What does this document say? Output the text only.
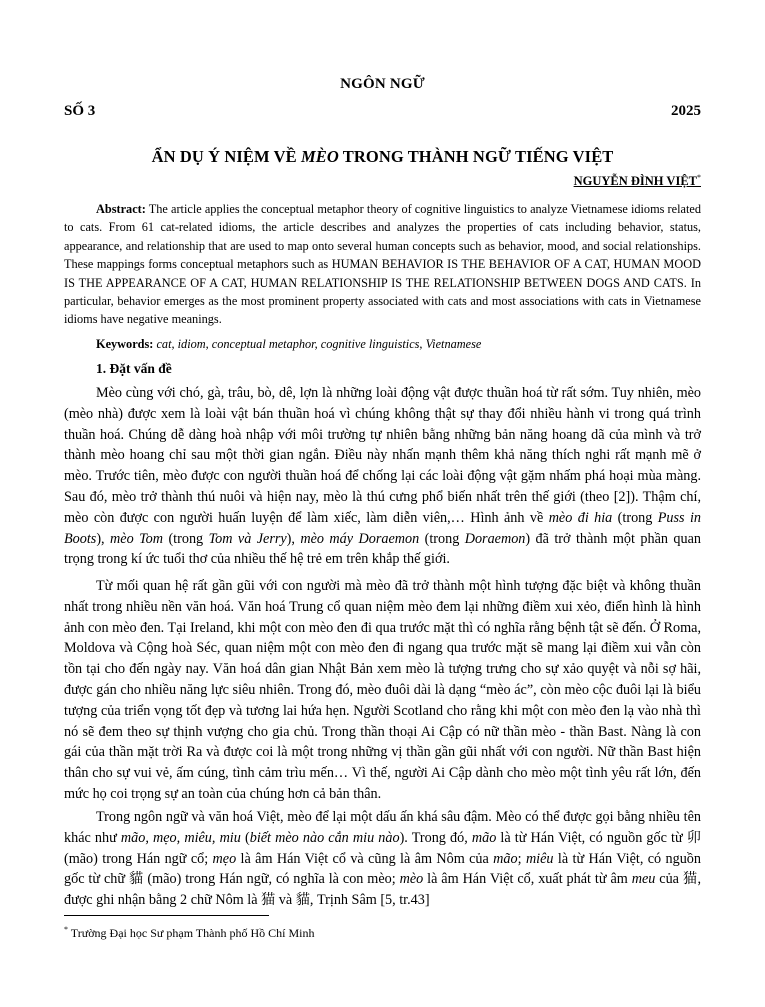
NGÔN NGỮ
SỐ 3	2025
ẨN DỤ Ý NIỆM VỀ MÈO TRONG THÀNH NGỮ TIẾNG VIỆT
NGUYỄN ĐÌNH VIỆT*
Abstract: The article applies the conceptual metaphor theory of cognitive linguistics to analyze Vietnamese idioms related to cats. From 61 cat-related idioms, the article describes and analyzes the properties of cats including behavior, status, appearance, and relationship that are used to map onto several human concepts such as behavior, mood, and social relationships. These mappings forms conceptual metaphors such as HUMAN BEHAVIOR IS THE BEHAVIOR OF A CAT, HUMAN MOOD IS THE APPEARANCE OF A CAT, HUMAN RELATIONSHIP IS THE RELATIONSHIP BETWEEN DOGS AND CATS. In particular, behavior emerges as the most prominent property associated with cats and most associations with cats in Vietnamese idioms have negative meanings.
Keywords: cat, idiom, conceptual metaphor, cognitive linguistics, Vietnamese
1. Đặt vấn đề
Mèo cùng với chó, gà, trâu, bò, dê, lợn là những loài động vật được thuần hoá từ rất sớm. Tuy nhiên, mèo (mèo nhà) được xem là loài vật bán thuần hoá vì chúng không thật sự thay đổi nhiều hành vi trong quá trình thuần hoá. Chúng dễ dàng hoà nhập với môi trường tự nhiên bằng những bản năng hoang dã của mình và trở thành mèo hoang chỉ sau một thời gian ngắn. Điều này nhấn mạnh thêm khả năng thích nghi rất mạnh mẽ ở mèo. Trước tiên, mèo được con người thuần hoá để chống lại các loài động vật gặm nhấm phá hoại mùa màng. Sau đó, mèo trở thành thú nuôi và hiện nay, mèo là thú cưng phổ biến nhất trên thế giới (theo [2]). Thậm chí, mèo còn được con người huấn luyện để làm xiếc, làm diễn viên,… Hình ảnh về mèo đi hia (trong Puss in Boots), mèo Tom (trong Tom và Jerry), mèo máy Doraemon (trong Doraemon) đã trở thành một phần quan trọng trong kí ức tuổi thơ của nhiều thế hệ trẻ em trên khắp thế giới.
Từ mối quan hệ rất gần gũi với con người mà mèo đã trở thành một hình tượng đặc biệt và không thuần nhất trong nhiều nền văn hoá. Văn hoá Trung cổ quan niệm mèo đem lại những điềm xui xẻo, điển hình là hình ảnh con mèo đen. Tại Ireland, khi một con mèo đen đi qua trước mặt thì có nghĩa rằng bệnh tật sẽ đến. Ở Roma, Moldova và Cộng hoà Séc, quan niệm một con mèo đen đi ngang qua trước mặt sẽ mang lại điềm xui vẫn còn tồn tại cho đến ngày nay. Văn hoá dân gian Nhật Bản xem mèo là tượng trưng cho sự xảo quyệt và nỗi sợ hãi, được gán cho nhiều năng lực siêu nhiên. Trong đó, mèo đuôi dài là dạng “mèo ác”, còn mèo cộc đuôi lại là biểu tượng của triển vọng tốt đẹp và tương lai hứa hẹn. Người Scotland cho rằng khi một con mèo đen lạ vào nhà thì nó sẽ đem theo sự thịnh vượng cho gia chủ. Trong thần thoại Ai Cập có nữ thần mèo - thần Bast. Nàng là con gái của thần mặt trời Ra và được coi là một trong những vị thần gần gũi nhất với con người. Nữ thần Bast hiện thân cho sự vui vẻ, ấm cúng, tình cảm trìu mến… Vì thế, người Ai Cập dành cho mèo một tình yêu rất lớn, đến mức họ coi trọng sự an toàn của chúng hơn cả bản thân.
Trong ngôn ngữ và văn hoá Việt, mèo để lại một dấu ấn khá sâu đậm. Mèo có thể được gọi bằng nhiều tên khác như mão, mẹo, miêu, miu (biết mèo nào cắn miu nào). Trong đó, mão là từ Hán Việt, có nguồn gốc từ 卯 (mão) trong Hán ngữ cổ; mẹo là âm Hán Việt cổ và cũng là âm Nôm của mão; miêu là từ Hán Việt, có nguồn gốc từ chữ 貓 (mão) trong Hán ngữ, có nghĩa là con mèo; mèo là âm Hán Việt cổ, xuất phát từ âm meu của 猫, được ghi nhận bằng 2 chữ Nôm là 猫 và 貓, Trịnh Sâm [5, tr.43]
* Trường Đại học Sư phạm Thành phố Hồ Chí Minh
